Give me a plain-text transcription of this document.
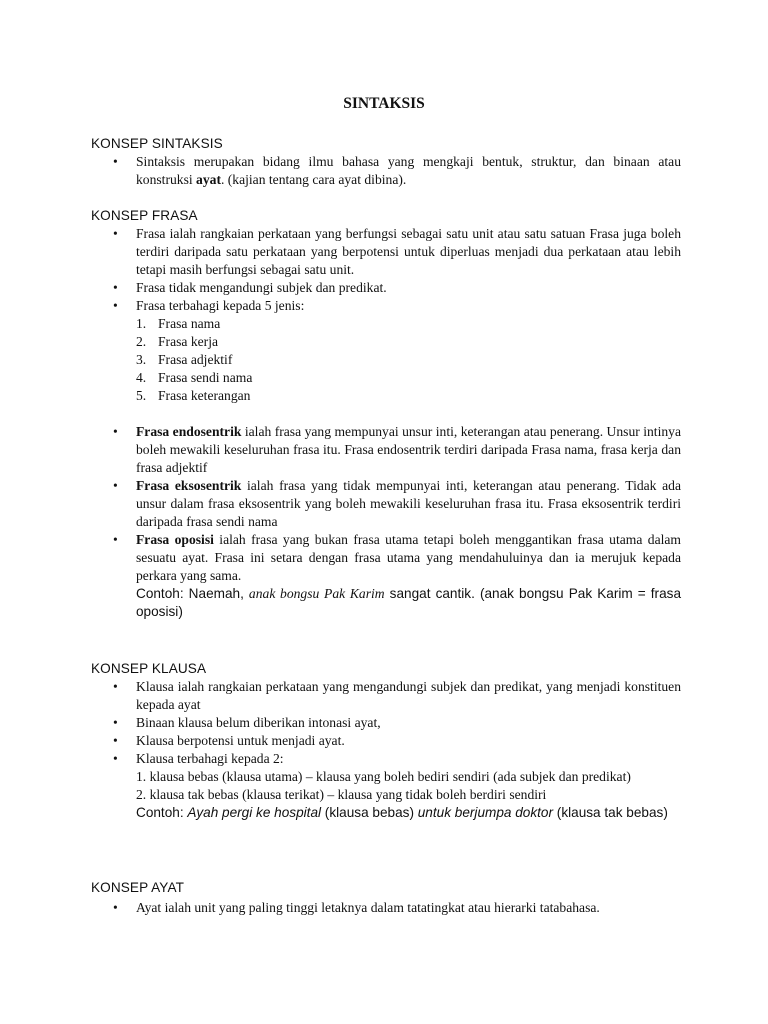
SINTAKSIS
KONSEP SINTAKSIS
• Sintaksis merupakan bidang ilmu bahasa yang mengkaji bentuk, struktur, dan binaan atau konstruksi ayat. (kajian tentang cara ayat dibina).
KONSEP FRASA
• Frasa ialah rangkaian perkataan yang berfungsi sebagai satu unit atau satu satuan Frasa juga boleh terdiri daripada satu perkataan yang berpotensi untuk diperluas menjadi dua perkataan atau lebih tetapi masih berfungsi sebagai satu unit.
• Frasa tidak mengandungi subjek dan predikat.
• Frasa terbahagi kepada 5 jenis:
1. Frasa nama
2. Frasa kerja
3. Frasa adjektif
4. Frasa sendi nama
5. Frasa keterangan
• Frasa endosentrik ialah frasa yang mempunyai unsur inti, keterangan atau penerang. Unsur intinya boleh mewakili keseluruhan frasa itu. Frasa endosentrik terdiri daripada Frasa nama, frasa kerja dan frasa adjektif
• Frasa eksosentrik ialah frasa yang tidak mempunyai inti, keterangan atau penerang. Tidak ada unsur dalam frasa eksosentrik yang boleh mewakili keseluruhan frasa itu. Frasa eksosentrik terdiri daripada frasa sendi nama
• Frasa oposisi ialah frasa yang bukan frasa utama tetapi boleh menggantikan frasa utama dalam sesuatu ayat. Frasa ini setara dengan frasa utama yang mendahuluinya dan ia merujuk kepada perkara yang sama.
Contoh: Naemah, anak bongsu Pak Karim sangat cantik. (anak bongsu Pak Karim = frasa oposisi)
KONSEP KLAUSA
• Klausa ialah rangkaian perkataan yang mengandungi subjek dan predikat, yang menjadi konstituen kepada ayat
• Binaan klausa belum diberikan intonasi ayat,
• Klausa berpotensi untuk menjadi ayat.
• Klausa terbahagi kepada 2:
1. klausa bebas (klausa utama) – klausa yang boleh bediri sendiri (ada subjek dan predikat)
2. klausa tak bebas (klausa terikat) – klausa yang tidak boleh berdiri sendiri
Contoh: Ayah pergi ke hospital (klausa bebas) untuk berjumpa doktor (klausa tak bebas)
KONSEP AYAT
• Ayat ialah unit yang paling tinggi letaknya dalam tatatingkat atau hierarki tatabahasa.
